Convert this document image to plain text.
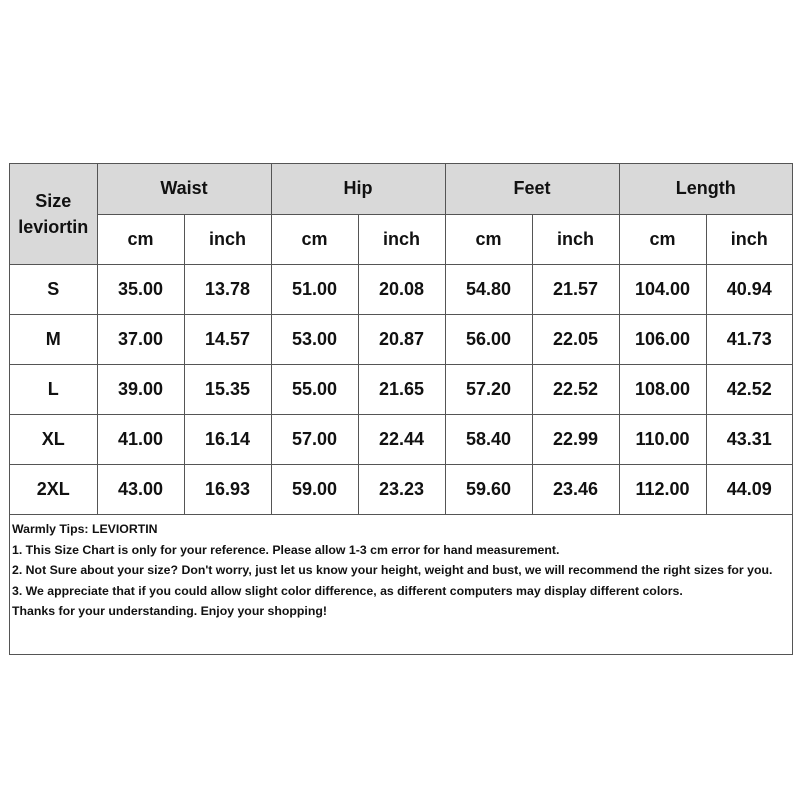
Size
leviortin	Waist		Hip		Feet		Length	
	cm	inch	cm	inch	cm	inch	cm	inch
S	35.00	13.78	51.00	20.08	54.80	21.57	104.00	40.94
M	37.00	14.57	53.00	20.87	56.00	22.05	106.00	41.73
L	39.00	15.35	55.00	21.65	57.20	22.52	108.00	42.52
XL	41.00	16.14	57.00	22.44	58.40	22.99	110.00	43.31
2XL	43.00	16.93	59.00	23.23	59.60	23.46	112.00	44.09
Warmly Tips: LEVIORTIN
1. This Size Chart is only for your reference. Please allow 1-3 cm error for hand measurement.
2. Not Sure about your size? Don't worry, just let us know your height, weight and bust, we will recommend the right sizes for you.
3. We appreciate that if you could allow slight color difference, as different computers may display different colors.
Thanks for your understanding. Enjoy your shopping!
